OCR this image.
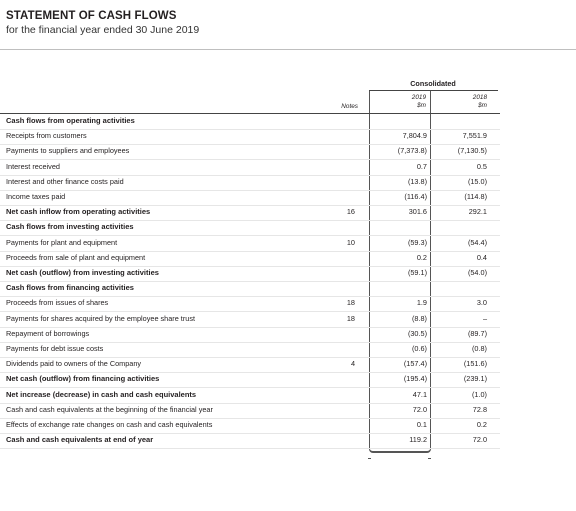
STATEMENT OF CASH FLOWS
for the financial year ended 30 June 2019
Consolidated
2019
$m
2018
$m
Notes
Cash flows from operating activities
Receipts from customers	7,804.9	7,551.9
Payments to suppliers and employees	(7,373.8)	(7,130.5)
Interest received	0.7	0.5
Interest and other finance costs paid	(13.8)	(15.0)
Income taxes paid	(116.4)	(114.8)
Net cash inflow from operating activities	16	301.6	292.1
Cash flows from investing activities
Payments for plant and equipment	10	(59.3)	(54.4)
Proceeds from sale of plant and equipment	0.2	0.4
Net cash (outflow) from investing activities	(59.1)	(54.0)
Cash flows from financing activities
Proceeds from issues of shares	18	1.9	3.0
Payments for shares acquired by the employee share trust	18	(8.8)	–
Repayment of borrowings	(30.5)	(89.7)
Payments for debt issue costs	(0.6)	(0.8)
Dividends paid to owners of the Company	4	(157.4)	(151.6)
Net cash (outflow) from financing activities	(195.4)	(239.1)
Net increase (decrease) in cash and cash equivalents	47.1	(1.0)
Cash and cash equivalents at the beginning of the financial year	72.0	72.8
Effects of exchange rate changes on cash and cash equivalents	0.1	0.2
Cash and cash equivalents at end of year	119.2	72.0
